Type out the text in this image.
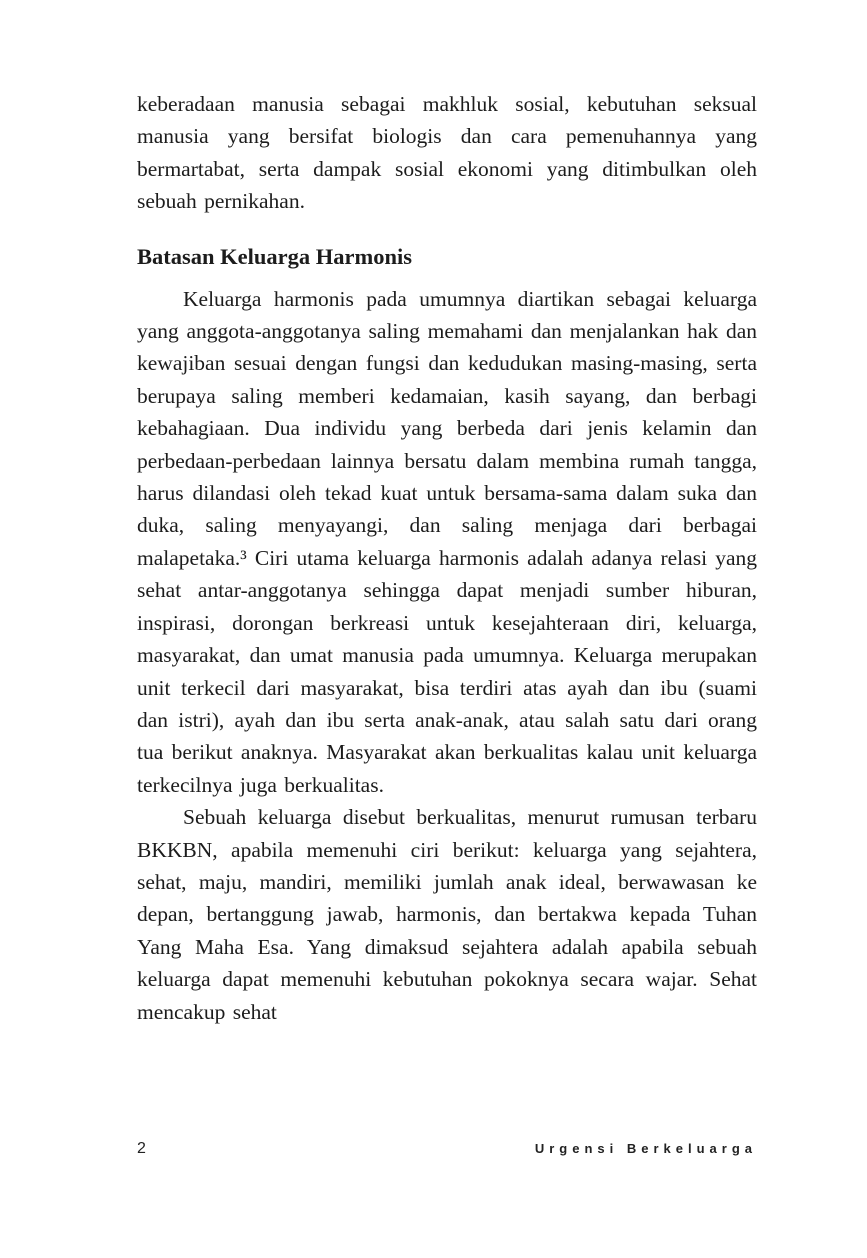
keberadaan manusia sebagai makhluk sosial, kebutuhan seksual manusia yang bersifat biologis dan cara pemenuhannya yang bermartabat, serta dampak sosial ekonomi yang ditimbulkan oleh sebuah pernikahan.

Batasan Keluarga Harmonis

Keluarga harmonis pada umumnya diartikan sebagai keluarga yang anggota-anggotanya saling memahami dan menjalankan hak dan kewajiban sesuai dengan fungsi dan kedudukan masing-masing, serta berupaya saling memberi kedamaian, kasih sayang, dan berbagi kebahagiaan. Dua individu yang berbeda dari jenis kelamin dan perbedaan-perbedaan lainnya bersatu dalam membina rumah tangga, harus dilandasi oleh tekad kuat untuk bersama-sama dalam suka dan duka, saling menyayangi, dan saling menjaga dari berbagai malapetaka.³ Ciri utama keluarga harmonis adalah adanya relasi yang sehat antar-anggotanya sehingga dapat menjadi sumber hiburan, inspirasi, dorongan berkreasi untuk kesejahteraan diri, keluarga, masyarakat, dan umat manusia pada umumnya. Keluarga merupakan unit terkecil dari masyarakat, bisa terdiri atas ayah dan ibu (suami dan istri), ayah dan ibu serta anak-anak, atau salah satu dari orang tua berikut anaknya. Masyarakat akan berkualitas kalau unit keluarga terkecilnya juga berkualitas.

Sebuah keluarga disebut berkualitas, menurut rumusan terbaru BKKBN, apabila memenuhi ciri berikut: keluarga yang sejahtera, sehat, maju, mandiri, memiliki jumlah anak ideal, berwawasan ke depan, bertanggung jawab, harmonis, dan bertakwa kepada Tuhan Yang Maha Esa. Yang dimaksud sejahtera adalah apabila sebuah keluarga dapat memenuhi kebutuhan pokoknya secara wajar. Sehat mencakup sehat

2	Urgensi Berkeluarga
